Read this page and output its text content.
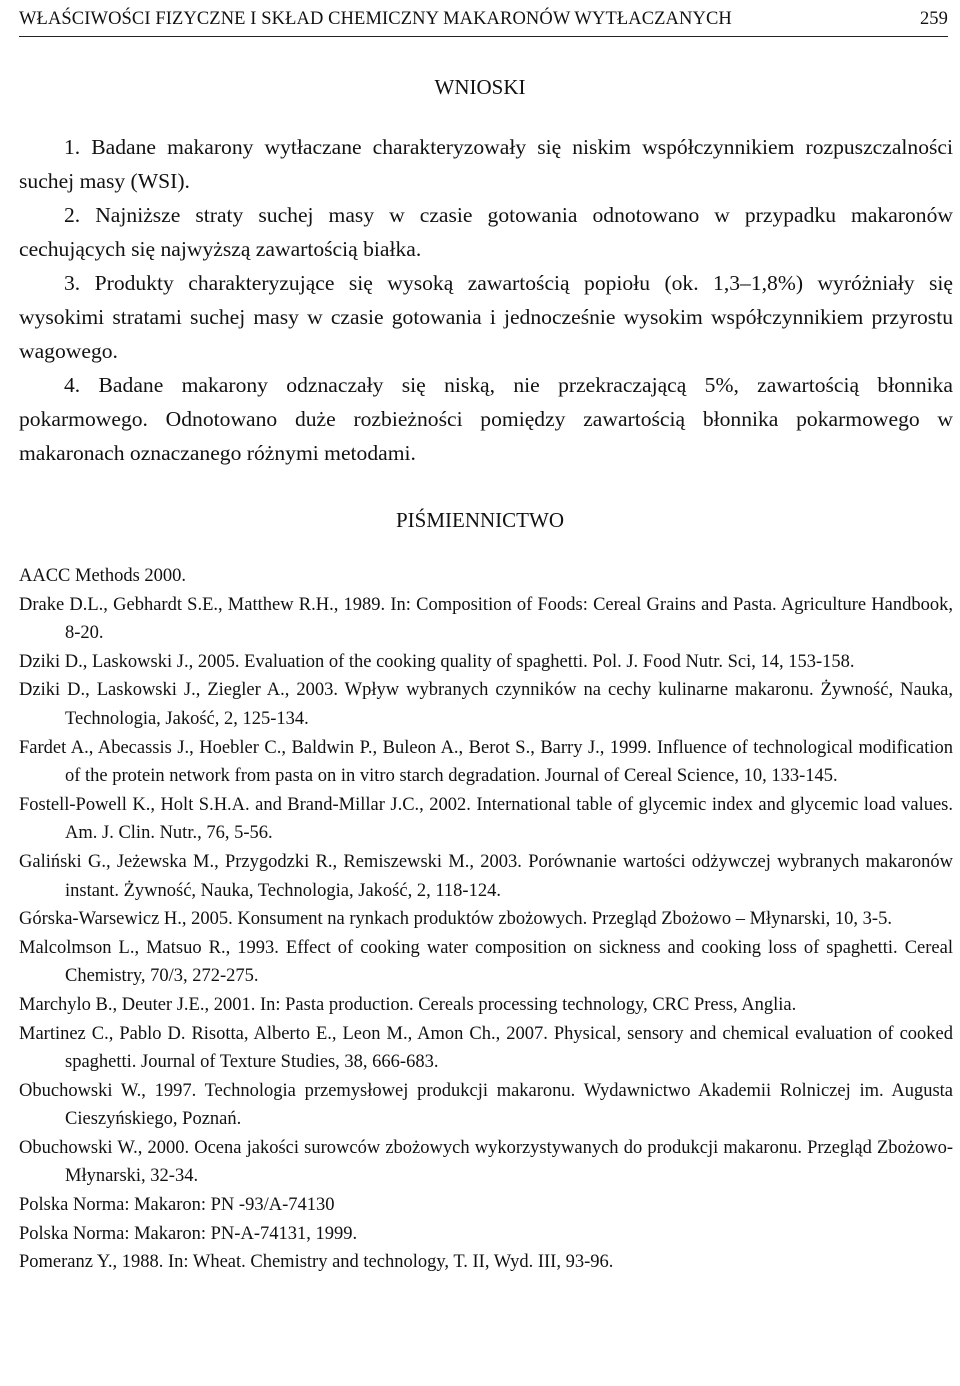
WŁAŚCIWOŚCI FIZYCZNE I SKŁAD CHEMICZNY MAKARONÓW WYTŁACZANYCH	259
WNIOSKI

1. Badane makarony wytłaczane charakteryzowały się niskim współczynnikiem rozpuszczalności suchej masy (WSI).

2. Najniższe straty suchej masy w czasie gotowania odnotowano w przypadku makaronów cechujących się najwyższą zawartością białka.

3. Produkty charakteryzujące się wysoką zawartością popiołu (ok. 1,3–1,8%) wyróżniały się wysokimi stratami suchej masy w czasie gotowania i jednocześnie wysokim współczynnikiem przyrostu wagowego.

4. Badane makarony odznaczały się niską, nie przekraczającą 5%, zawartością błonnika pokarmowego. Odnotowano duże rozbieżności pomiędzy zawartością błonnika pokarmowego w makaronach oznaczanego różnymi metodami.

PIŚMIENNICTWO

AACC Methods 2000.

Drake D.L., Gebhardt S.E., Matthew R.H., 1989. In: Composition of Foods: Cereal Grains and Pasta. Agriculture Handbook, 8-20.

Dziki D., Laskowski J., 2005. Evaluation of the cooking quality of spaghetti. Pol. J. Food Nutr. Sci, 14, 153-158.

Dziki D., Laskowski J., Ziegler A., 2003. Wpływ wybranych czynników na cechy kulinarne makaronu. Żywność, Nauka, Technologia, Jakość, 2, 125-134.

Fardet A., Abecassis J., Hoebler C., Baldwin P., Buleon A., Berot S., Barry J., 1999. Influence of technological modification of the protein network from pasta on in vitro starch degradation. Journal of Cereal Science, 10, 133-145.

Fostell-Powell K., Holt S.H.A. and Brand-Millar J.C., 2002. International table of glycemic index and glycemic load values. Am. J. Clin. Nutr., 76, 5-56.

Galiński G., Jeżewska M., Przygodzki R., Remiszewski M., 2003. Porównanie wartości odżywczej wybranych makaronów instant. Żywność, Nauka, Technologia, Jakość, 2, 118-124.

Górska-Warsewicz H., 2005. Konsument na rynkach produktów zbożowych. Przegląd Zbożowo – Młynarski, 10, 3-5.

Malcolmson L., Matsuo R., 1993. Effect of cooking water composition on sickness and cooking loss of spaghetti. Cereal Chemistry, 70/3, 272-275.

Marchylo B., Deuter J.E., 2001. In: Pasta production. Cereals processing technology, CRC Press, Anglia.

Martinez C., Pablo D. Risotta, Alberto E., Leon M., Amon Ch., 2007. Physical, sensory and chemical evaluation of cooked spaghetti. Journal of Texture Studies, 38, 666-683.

Obuchowski W., 1997. Technologia przemysłowej produkcji makaronu. Wydawnictwo Akademii Rolniczej im. Augusta Cieszyńskiego, Poznań.

Obuchowski W., 2000. Ocena jakości surowców zbożowych wykorzystywanych do produkcji makaronu. Przegląd Zbożowo-Młynarski, 32-34.

Polska Norma: Makaron: PN -93/A-74130

Polska Norma: Makaron: PN-A-74131, 1999.

Pomeranz Y., 1988. In: Wheat. Chemistry and technology, T. II, Wyd. III, 93-96.
